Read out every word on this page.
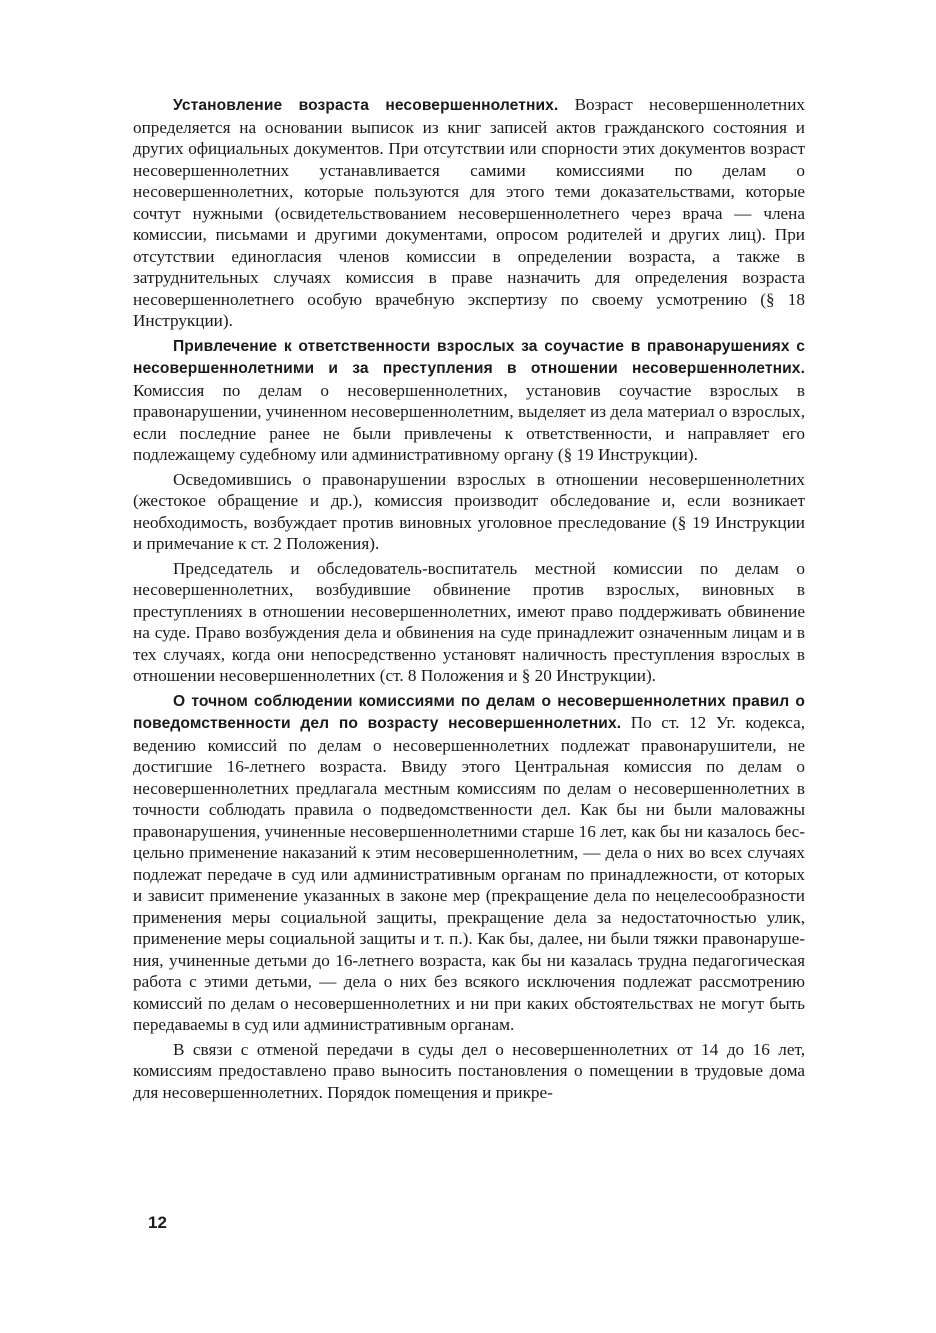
Установление возраста несовершеннолетних. Возраст несовершеннолетних определяется на основании выписок из книг записей актов гражданского состояния и других официальных документов. При отсутствии или спорности этих документов возраст несовершеннолетних устанавливается самими комиссиями по делам о несовершеннолетних, которые пользуются для этого теми доказательствами, которые сочтут нужными (освидетельствованием несовершеннолетнего через врача — члена комиссии, письмами и другими документами, опросом родителей и других лиц). При отсутствии единогласия членов комиссии в определении возраста, а также в затруднительных случаях комиссия в праве назначить для определения возраста несовершеннолетнего особую врачебную экспертизу по своему усмотрению (§ 18 Инструкции).

Привлечение к ответственности взрослых за соучастие в правонарушениях с несовершеннолетними и за преступления в отношении несовершеннолетних. Комиссия по делам о несовершеннолетних, установив соучастие взрослых в правонарушении, учиненном несовершеннолетним, выделяет из дела материал о взрослых, если последние ранее не были привлечены к ответственности, и направляет его подлежащему судебному или административному органу (§ 19 Инструкции).

Осведомившись о правонарушении взрослых в отношении несовершеннолетних (жестокое обращение и др.), комиссия производит обследование и, если возникает необходимость, возбуждает против виновных уголовное преследование (§ 19 Инструкции и примечание к ст. 2 Положения).

Председатель и обследователь-воспитатель местной комиссии по делам о несовершеннолетних, возбудившие обвинение против взрослых, виновных в преступлениях в отношении несовершеннолетних, имеют право поддерживать обвинение на суде. Право возбуждения дела и обвинения на суде принадлежит означенным лицам и в тех случаях, когда они непосредственно установят наличность преступления взрослых в отношении несовершеннолетних (ст. 8 Положения и § 20 Инструкции).

О точном соблюдении комиссиями по делам о несовершеннолетних правил о поведомственности дел по возрасту несовершеннолетних. По ст. 12 Уг. кодекса, ведению комиссий по делам о несовершеннолетних подлежат правонарушители, не достигшие 16-летнего возраста. Ввиду этого Центральная комиссия по делам о несовершеннолетних предлагала местным комиссиям по делам о несовершеннолетних в точности соблюдать правила о подведомственности дел. Как бы ни были маловажны правонарушения, учиненные несовершеннолетними старше 16 лет, как бы ни казалось бесцельно применение наказаний к этим несовершеннолетним, — дела о них во всех случаях подлежат передаче в суд или административным органам по принадлежности, от которых и зависит применение указанных в законе мер (прекращение дела по нецелесообразности применения меры социальной защиты, прекращение дела за недостаточностью улик, применение меры социальной защиты и т. п.). Как бы, далее, ни были тяжки правонарушения, учиненные детьми до 16-летнего возраста, как бы ни казалась трудна педагогическая работа с этими детьми, — дела о них без всякого исключения подлежат рассмотрению комиссий по делам о несовершеннолетних и ни при каких обстоятельствах не могут быть передаваемы в суд или административным органам.

В связи с отменой передачи в суды дел о несовершеннолетних от 14 до 16 лет, комиссиям предоставлено право выносить постановления о помещении в трудовые дома для несовершеннолетних. Порядок помещения и прикре-

12
